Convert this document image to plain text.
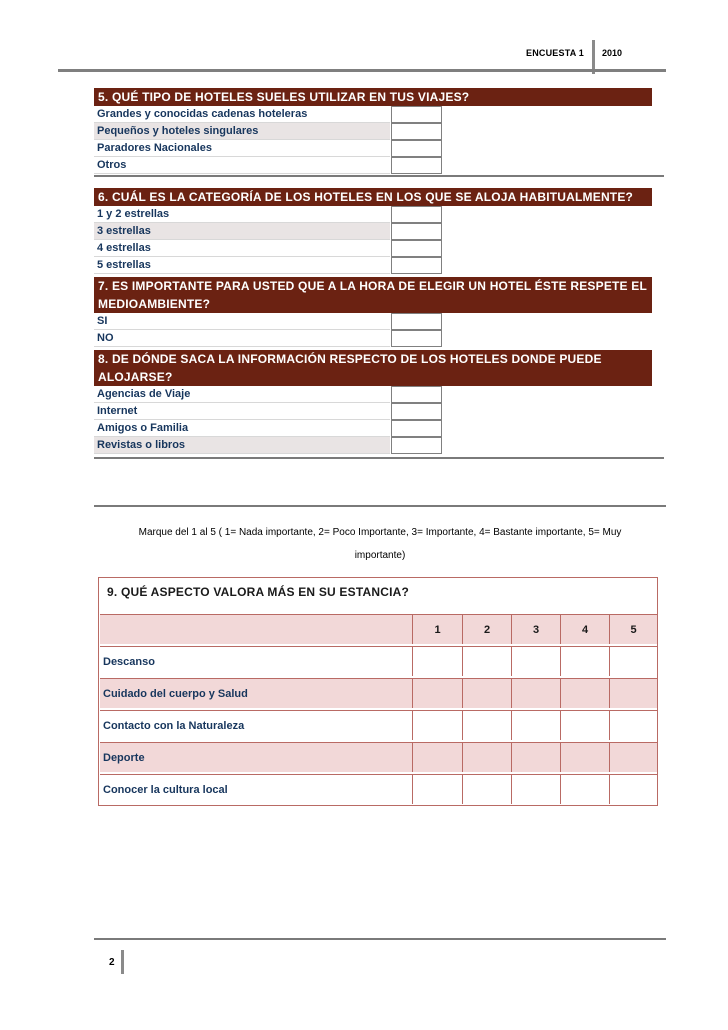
ENCUESTA 1 2010
5. QUÉ TIPO DE HOTELES SUELES UTILIZAR EN TUS VIAJES?
Grandes y conocidas cadenas hoteleras
Pequeños y hoteles singulares
Paradores Nacionales
Otros
6. CUÁL ES LA CATEGORÍA DE LOS HOTELES EN LOS QUE SE ALOJA HABITUALMENTE?
1 y 2 estrellas
3 estrellas
4 estrellas
5 estrellas
7. ES IMPORTANTE PARA USTED QUE A LA HORA DE ELEGIR UN HOTEL ÉSTE RESPETE EL
MEDIOAMBIENTE?
SI
NO
8. DE DÓNDE SACA LA INFORMACIÓN RESPECTO DE LOS HOTELES DONDE PUEDE
ALOJARSE?
Agencias de Viaje
Internet
Amigos o Familia
Revistas o libros
Marque del 1 al 5 ( 1= Nada importante, 2= Poco Importante, 3= Importante, 4= Bastante importante, 5= Muy
importante)
9. QUÉ ASPECTO VALORA MÁS EN SU ESTANCIA?
1	2	3	4	5
Descanso
Cuidado del cuerpo y Salud
Contacto con la Naturaleza
Deporte
Conocer la cultura local
2
